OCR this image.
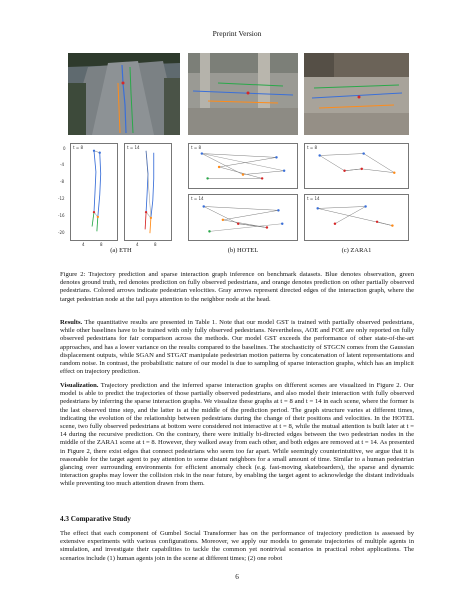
Preprint Version
0
-4
-8
-12
-16
-20
t = 8	t = 14
4	8	4	8
t = 8
t = 14
t = 8
t = 14
(a) ETH	(b) HOTEL	(c) ZARA1
Figure 2: Trajectory prediction and sparse interaction graph inference on benchmark datasets. Blue denotes observation, green denotes ground truth, red denotes prediction on fully observed pedestrians, and orange denotes prediction on other partially observed pedestrians. Colored arrows indicate pedestrian velocities. Gray arrows represent directed edges of the interaction graph, where the target pedestrian node at the tail pays attention to the neighbor node at the head.
Results. The quantitative results are presented in Table 1. Note that our model GST is trained with partially observed pedestrians, while other baselines have to be trained with only fully observed pedestrians. Nevertheless, AOE and FOE are only reported on fully observed pedestrians for fair comparison across the methods. Our model GST exceeds the performance of other state-of-the-art approaches, and has a lower variance on the results compared to the baselines. The stochasticity of STGCN comes from the Gaussian displacement outputs, while SGAN and STGAT manipulate pedestrian motion patterns by concatenation of latent representations and random noise. In contrast, the probabilistic nature of our model is due to sampling of sparse interaction graphs, which has an implicit effect on trajectory prediction.
Visualization. Trajectory prediction and the inferred sparse interaction graphs on different scenes are visualized in Figure 2. Our model is able to predict the trajectories of those partially observed pedestrians, and also model their interaction with fully observed pedestrians by inferring the sparse interaction graphs. We visualize these graphs at t = 8 and t = 14 in each scene, where the former is the last observed time step, and the latter is at the middle of the prediction period. The graph structure varies at different times, indicating the evolution of the relationship between pedestrians during the change of their positions and velocities. In the HOTEL scene, two fully observed pedestrians at bottom were considered not interactive at t = 8, while the mutual attention is built later at t = 14 during the recursive prediction. On the contrary, there were initially bi-directed edges between the two pedestrian nodes in the middle of the ZARA1 scene at t = 8. However, they walked away from each other, and both edges are removed at t = 14. As presented in Figure 2, there exist edges that connect pedestrians who seem too far apart. While seemingly counterintuitive, we argue that it is reasonable for the target agent to pay attention to some distant neighbors for a small amount of time. Similar to a human pedestrian glancing over surrounding environments for efficient anomaly check (e.g. fast-moving skateboarders), the sparse and dynamic interaction graphs may lower the collision risk in the near future, by enabling the target agent to acknowledge the distant individuals while preventing too much attention drawn from them.
4.3 Comparative Study
The effect that each component of Gumbel Social Transformer has on the performance of trajectory prediction is assessed by extensive experiments with various configurations. Moreover, we apply our models to generate trajectories of multiple agents in simulation, and investigate their capabilities to tackle the common yet nontrivial scenarios in practical robot applications. The scenarios include (1) human agents join in the scene at different times; (2) one robot
6
